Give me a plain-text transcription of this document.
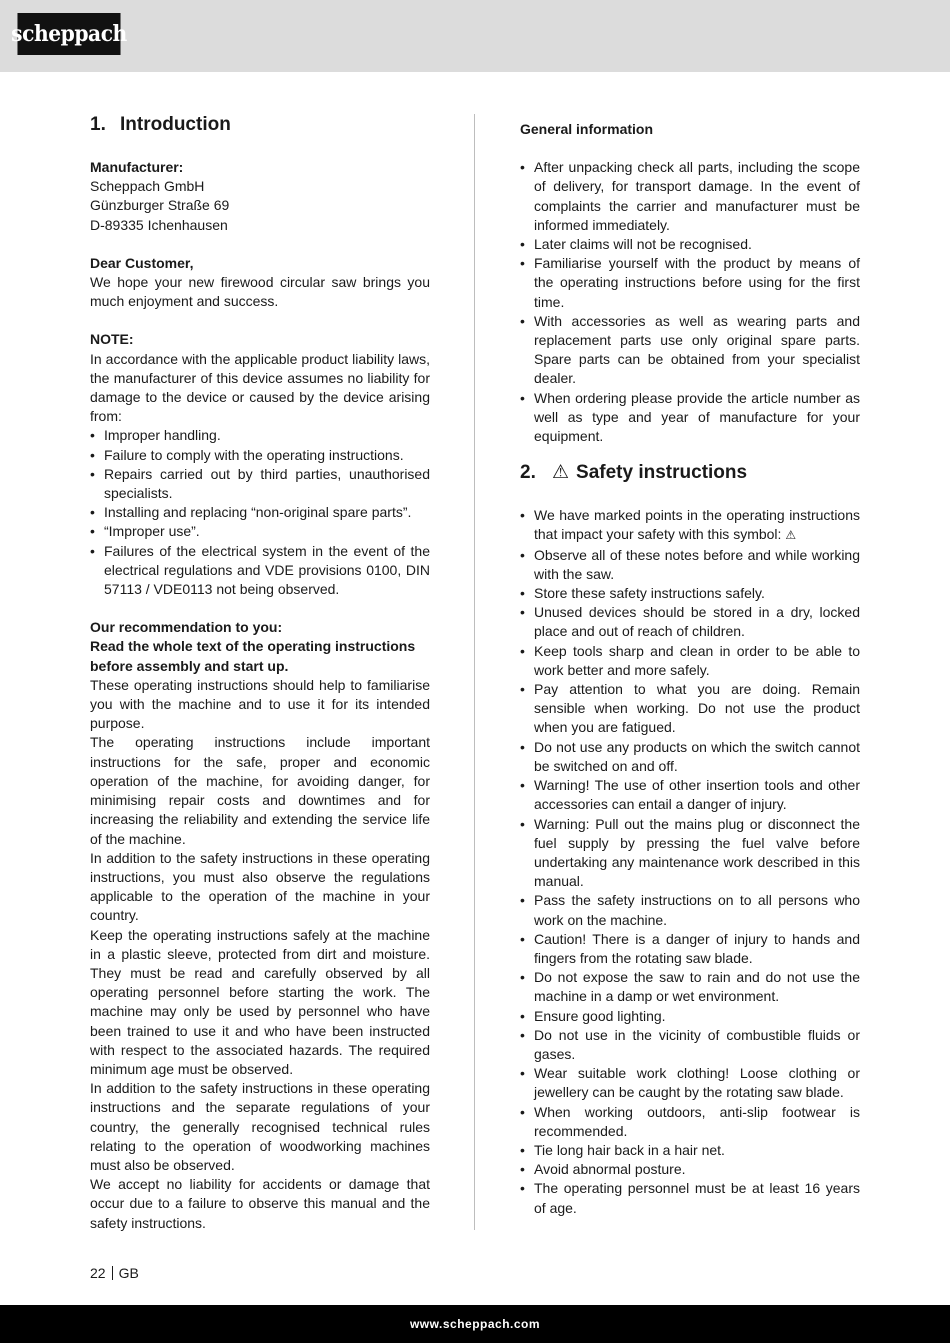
scheppach
1. Introduction

Manufacturer:

Scheppach GmbH

Günzburger Straße 69

D-89335 Ichenhausen

Dear Customer,

We hope your new firewood circular saw brings you much enjoyment and success.

NOTE:

In accordance with the applicable product liability laws, the manufacturer of this device assumes no liability for damage to the device or caused by the device arising from:

• Improper handling.
• Failure to comply with the operating instructions.
• Repairs carried out by third parties, unauthorised specialists.
• Installing and replacing “non-original spare parts”.
• “Improper use”.
• Failures of the electrical system in the event of the electrical regulations and VDE provisions 0100, DIN 57113 / VDE0113 not being observed.

Our recommendation to you:

Read the whole text of the operating instructions before assembly and start up.

These operating instructions should help to familiarise you with the machine and to use it for its intended purpose.

The operating instructions include important instructions for the safe, proper and economic operation of the machine, for avoiding danger, for minimising repair costs and downtimes and for increasing the reliability and extending the service life of the machine.

In addition to the safety instructions in these operating instructions, you must also observe the regulations applicable to the operation of the machine in your country.

Keep the operating instructions safely at the machine in a plastic sleeve, protected from dirt and moisture. They must be read and carefully observed by all operating personnel before starting the work. The machine may only be used by personnel who have been trained to use it and who have been instructed with respect to the associated hazards. The required minimum age must be observed.

In addition to the safety instructions in these operating instructions and the separate regulations of your country, the generally recognised technical rules relating to the operation of woodworking machines must also be observed.

We accept no liability for accidents or damage that occur due to a failure to observe this manual and the safety instructions.

General information

• After unpacking check all parts, including the scope of delivery, for transport damage. In the event of complaints the carrier and manufacturer must be informed immediately.
• Later claims will not be recognised.
• Familiarise yourself with the product by means of the operating instructions before using for the first time.
• With accessories as well as wearing parts and replacement parts use only original spare parts. Spare parts can be obtained from your specialist dealer.
• When ordering please provide the article number as well as type and year of manufacture for your equipment.
2. ⚠ Safety instructions
• We have marked points in the operating instructions that impact your safety with this symbol: ⚠
• Observe all of these notes before and while working with the saw.
• Store these safety instructions safely.
• Unused devices should be stored in a dry, locked place and out of reach of children.
• Keep tools sharp and clean in order to be able to work better and more safely.
• Pay attention to what you are doing. Remain sensible when working. Do not use the product when you are fatigued.
• Do not use any products on which the switch cannot be switched on and off.
• Warning! The use of other insertion tools and other accessories can entail a danger of injury.
• Warning: Pull out the mains plug or disconnect the fuel supply by pressing the fuel valve before undertaking any maintenance work described in this manual.
• Pass the safety instructions on to all persons who work on the machine.
• Caution! There is a danger of injury to hands and fingers from the rotating saw blade.
• Do not expose the saw to rain and do not use the machine in a damp or wet environment.
• Ensure good lighting.
• Do not use in the vicinity of combustible fluids or gases.
• Wear suitable work clothing! Loose clothing or jewellery can be caught by the rotating saw blade.
• When working outdoors, anti-slip footwear is recommended.
• Tie long hair back in a hair net.
• Avoid abnormal posture.
• The operating personnel must be at least 16 years of age.
22 GB
www.scheppach.com
